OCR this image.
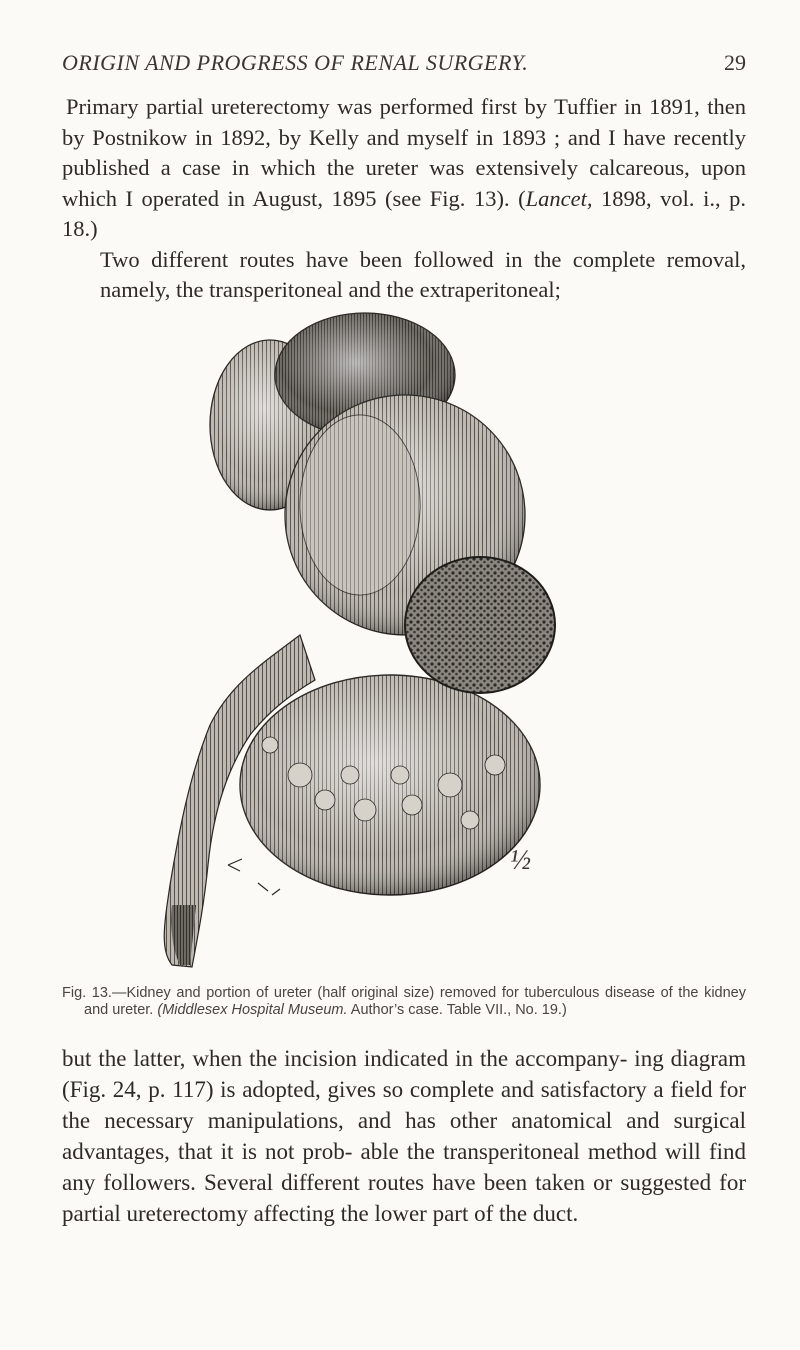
ORIGIN AND PROGRESS OF RENAL SURGERY.	29

Primary partial ureterectomy was performed first by Tuffier in 1891, then by Postnikow in 1892, by Kelly and myself in 1893 ; and I have recently published a case in which the ureter was extensively calcareous, upon which I operated in August, 1895 (see Fig. 13). (Lancet, 1898, vol. i., p. 18.)
Two different routes have been followed in the complete removal, namely, the transperitoneal and the extraperitoneal;

½
Fig. 13.—Kidney and portion of ureter (half original size) removed for tuberculous disease of the kidney and ureter. (Middlesex Hospital Museum. Author’s case. Table VII., No. 19.)

but the latter, when the incision indicated in the accompany- ing diagram (Fig. 24, p. 117) is adopted, gives so complete and satisfactory a field for the necessary manipulations, and has other anatomical and surgical advantages, that it is not prob- able the transperitoneal method will find any followers. Several different routes have been taken or suggested for partial ureterectomy affecting the lower part of the duct.
